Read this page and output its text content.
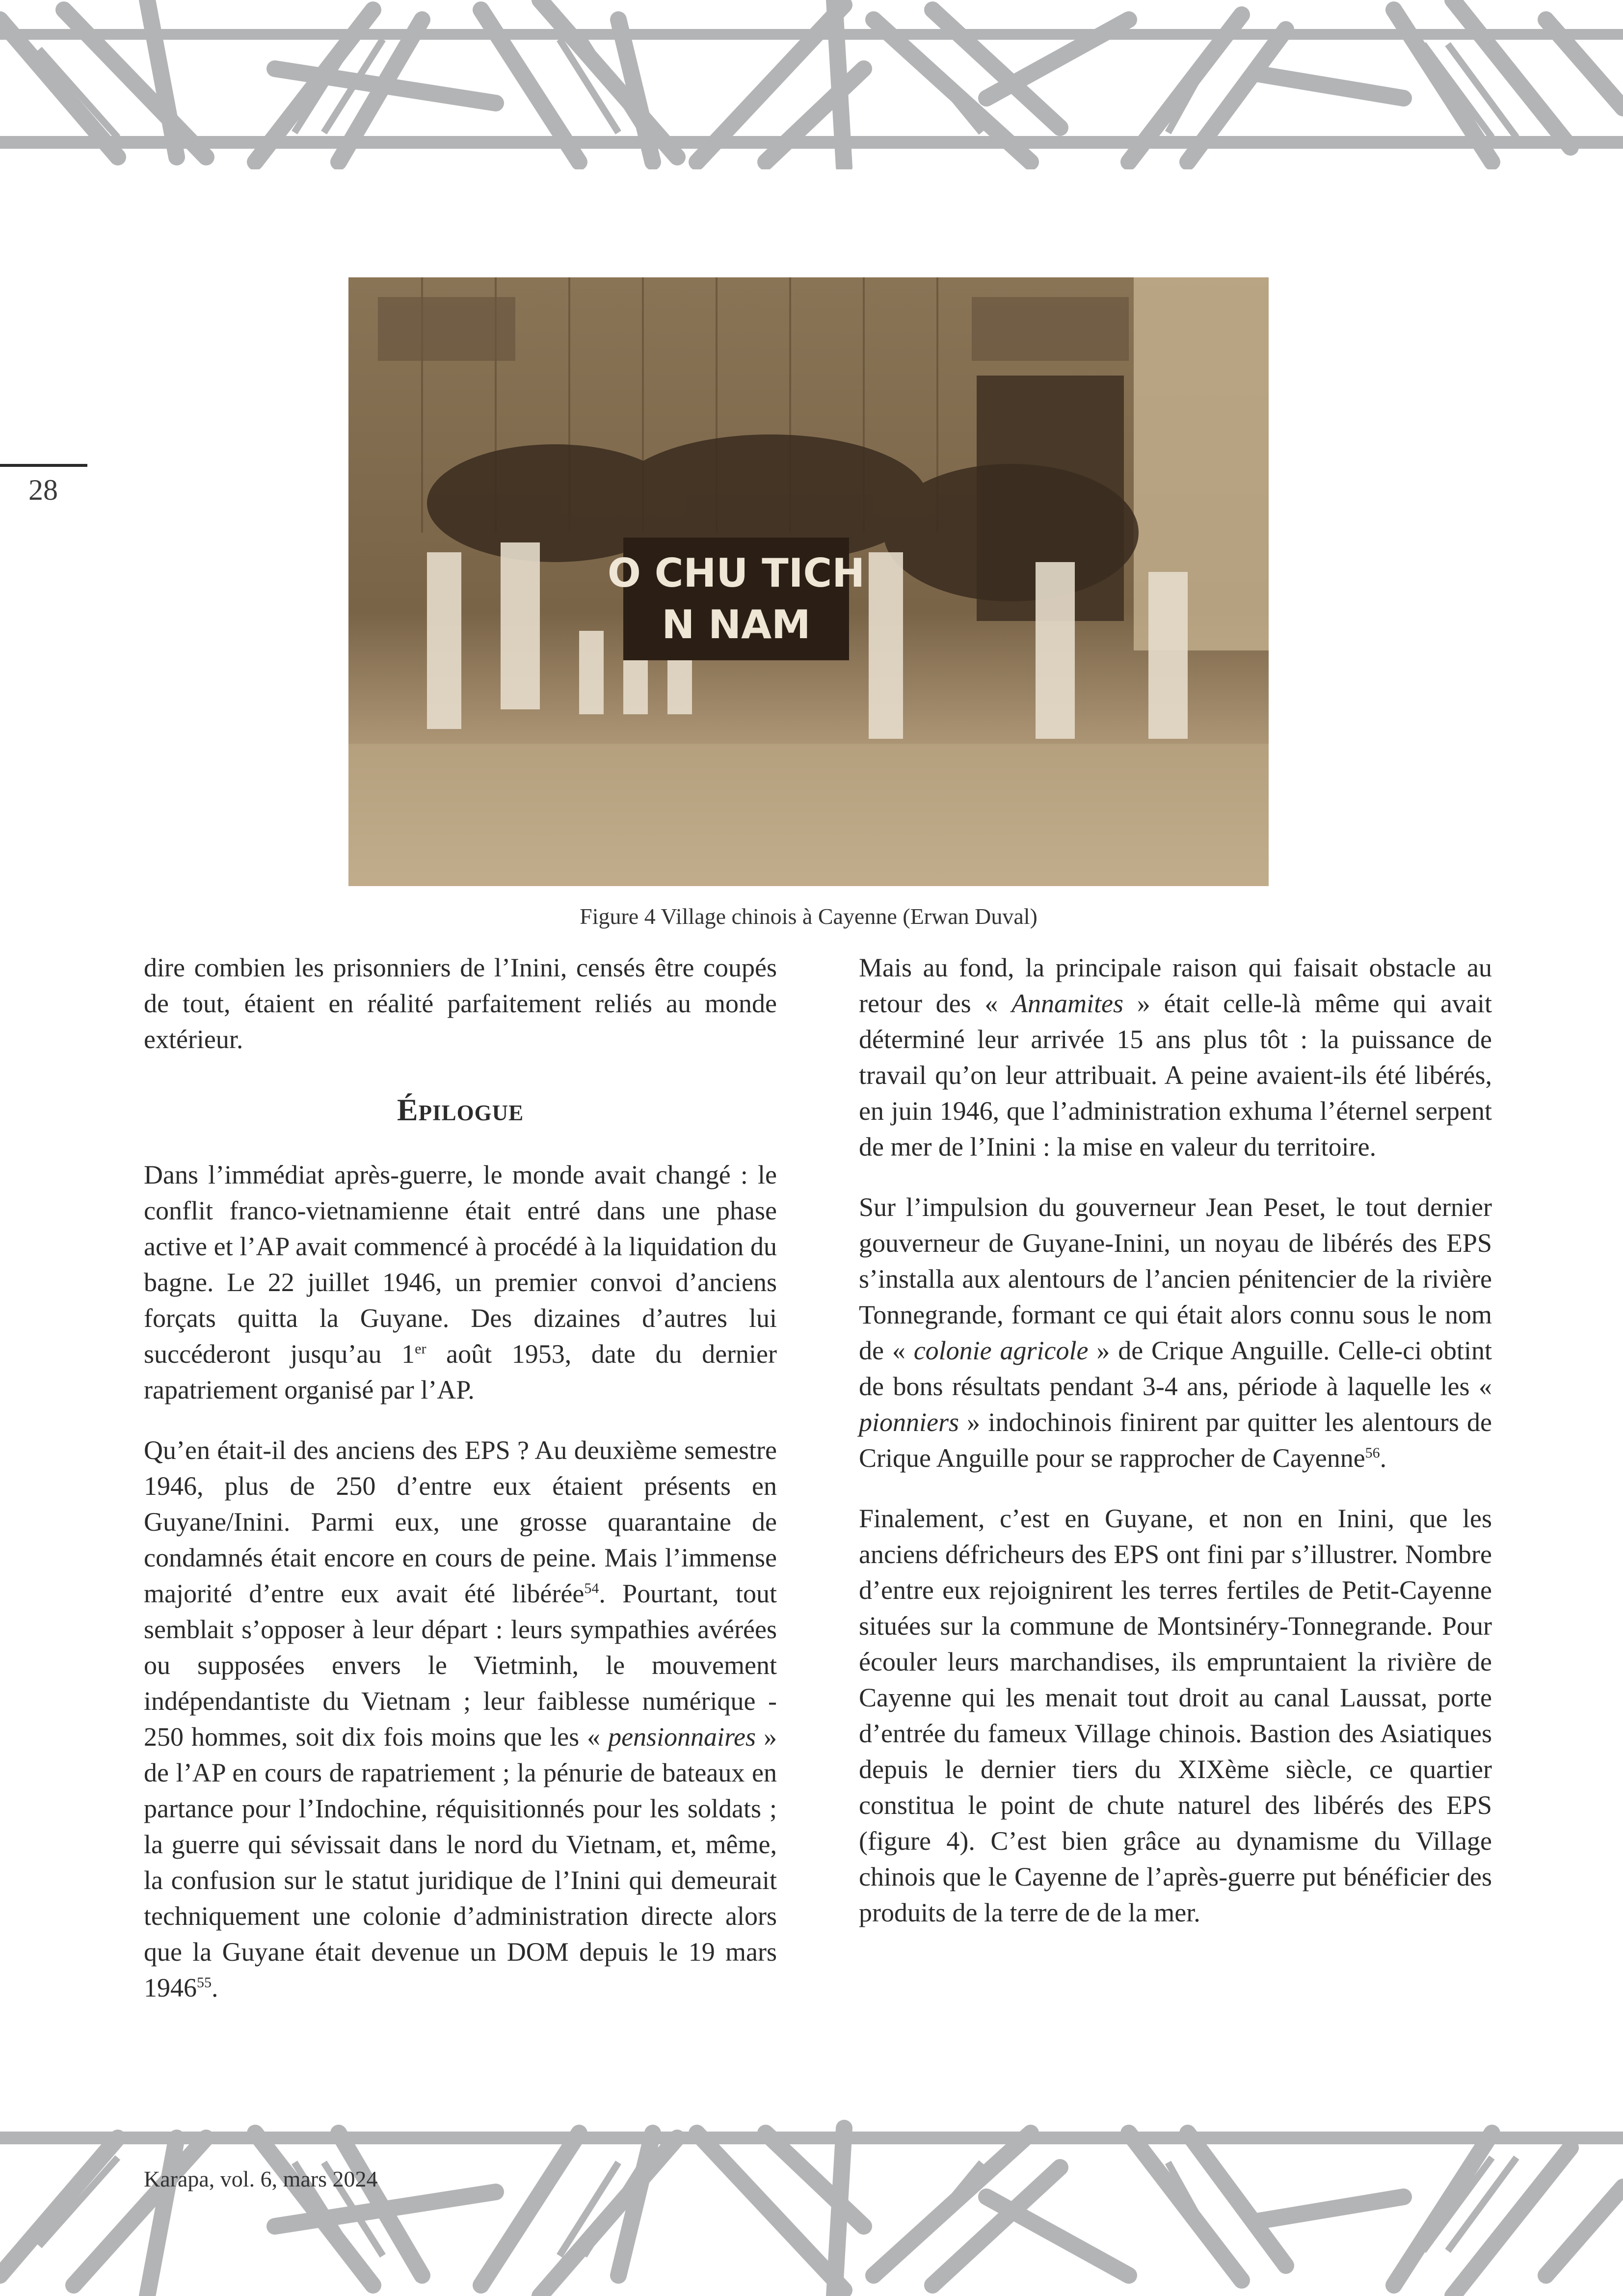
28
O CHU TICH
N NAM
Figure 4 Village chinois à Cayenne (Erwan Duval)

dire combien les prisonniers de l’Inini, censés être coupés de tout, étaient en réalité parfaitement reliés au monde extérieur.

Épilogue

Dans l’immédiat après-guerre, le monde avait changé : le conflit franco-vietnamienne était entré dans une phase active et l’AP avait commencé à procédé à la liquidation du bagne. Le 22 juillet 1946, un premier convoi d’anciens forçats quitta la Guyane. Des dizaines d’autres lui succéderont jusqu’au 1er août 1953, date du dernier rapatriement organisé par l’AP.

Qu’en était-il des anciens des EPS ? Au deuxième semestre 1946, plus de 250 d’entre eux étaient présents en Guyane/Inini. Parmi eux, une grosse quarantaine de condamnés était encore en cours de peine. Mais l’immense majorité d’entre eux avait été libérée$^{54}$. Pourtant, tout semblait s’opposer à leur départ : leurs sympathies avérées ou supposées envers le Vietminh, le mouvement indépendantiste du Vietnam ; leur faiblesse numérique - 250 hommes, soit dix fois moins que les « pensionnaires » de l’AP en cours de rapatriement ; la pénurie de bateaux en partance pour l’Indochine, réquisitionnés pour les soldats ; la guerre qui sévissait dans le nord du Vietnam, et, même, la confusion sur le statut juridique de l’Inini qui demeurait techniquement une colonie d’administration directe alors que la Guyane était devenue un DOM depuis le 19 mars 1946$^{55}$.

Mais au fond, la principale raison qui faisait obstacle au retour des « Annamites » était celle-là même qui avait déterminé leur arrivée 15 ans plus tôt : la puissance de travail qu’on leur attribuait. A peine avaient-ils été libérés, en juin 1946, que l’administration exhuma l’éternel serpent de mer de l’Inini : la mise en valeur du territoire.

Sur l’impulsion du gouverneur Jean Peset, le tout dernier gouverneur de Guyane-Inini, un noyau de libérés des EPS s’installa aux alentours de l’ancien pénitencier de la rivière Tonnegrande, formant ce qui était alors connu sous le nom de « colonie agricole » de Crique Anguille. Celle-ci obtint de bons résultats pendant 3-4 ans, période à laquelle les « pionniers » indochinois finirent par quitter les alentours de Crique Anguille pour se rapprocher de Cayenne$^{56}$.

Finalement, c’est en Guyane, et non en Inini, que les anciens défricheurs des EPS ont fini par s’illustrer. Nombre d’entre eux rejoignirent les terres fertiles de Petit-Cayenne situées sur la commune de Montsinéry-Tonnegrande. Pour écouler leurs marchandises, ils empruntaient la rivière de Cayenne qui les menait tout droit au canal Laussat, porte d’entrée du fameux Village chinois. Bastion des Asiatiques depuis le dernier tiers du XIXème siècle, ce quartier constitua le point de chute naturel des libérés des EPS (figure 4). C’est bien grâce au dynamisme du Village chinois que le Cayenne de l’après-guerre put bénéficier des produits de la terre de de la mer.

Karapa, vol. 6, mars 2024
